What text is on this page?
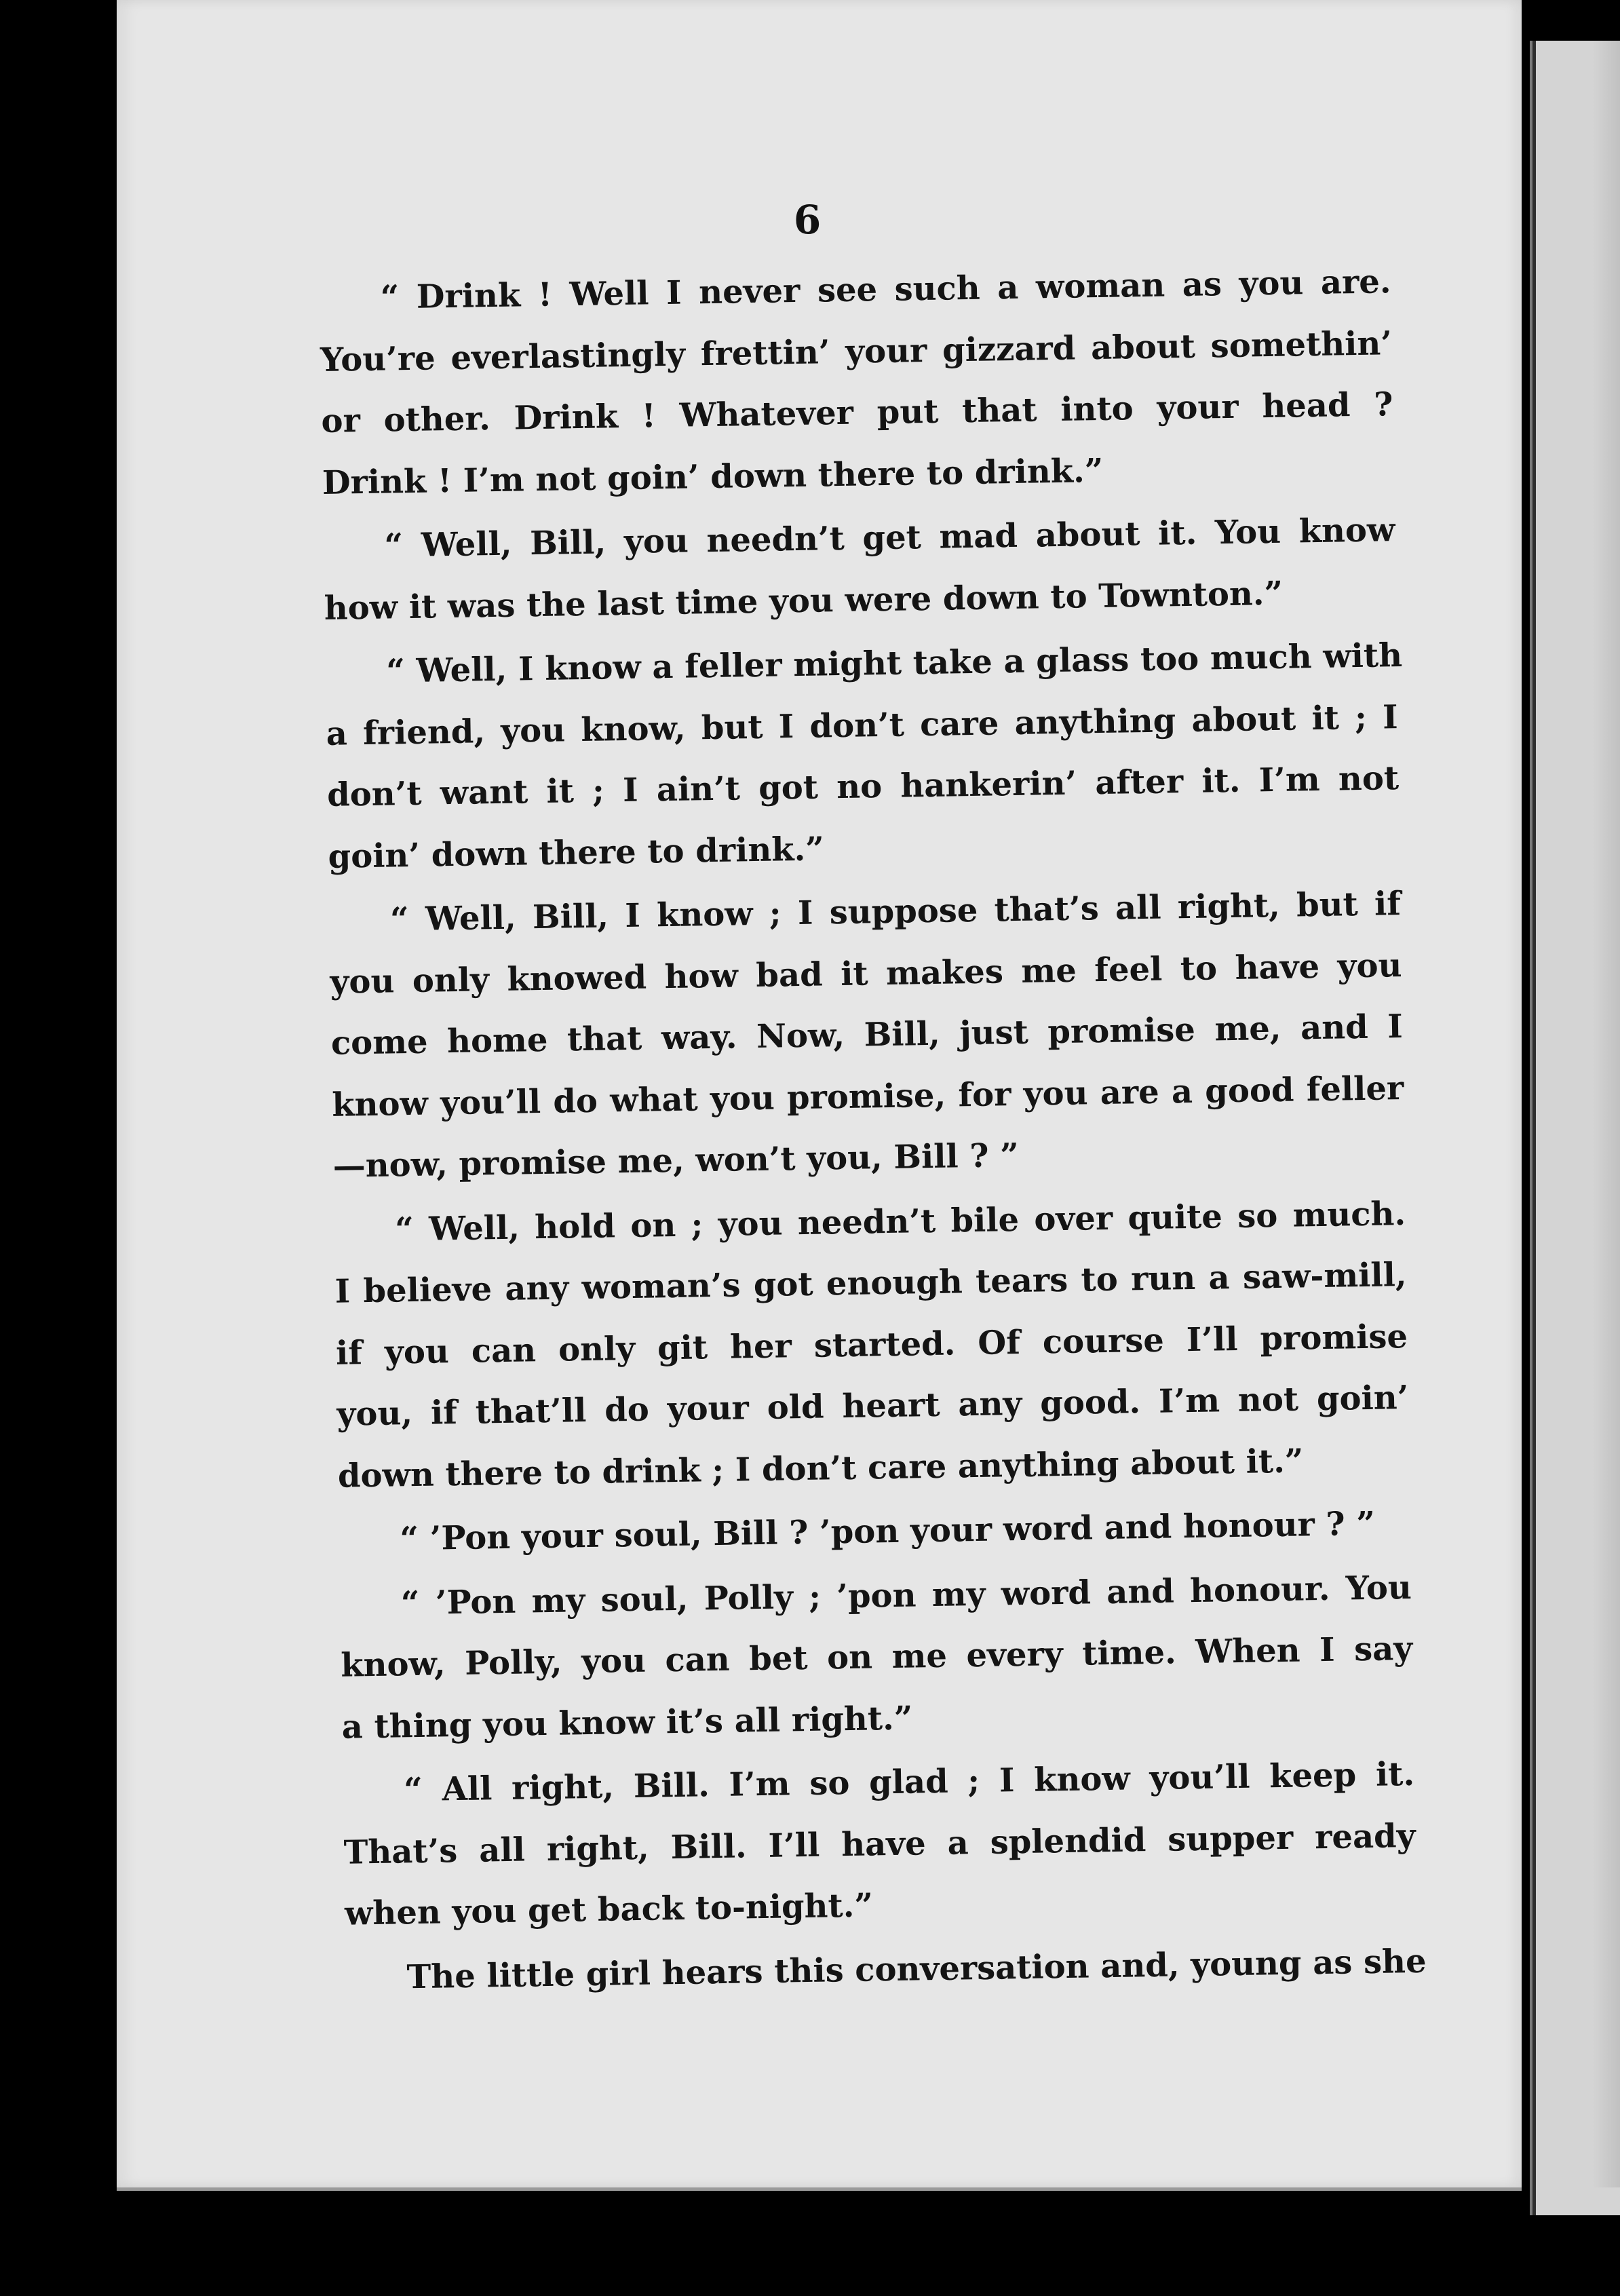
6
“ Drink ! Well I never see such a woman as you are.
You’re everlastingly frettin’ your gizzard about somethin’
or other. Drink ! Whatever put that into your head ?
Drink ! I’m not goin’ down there to drink.”
“ Well, Bill, you needn’t get mad about it. You know
how it was the last time you were down to Townton.”
“ Well, I know a feller might take a glass too much with
a friend, you know, but I don’t care anything about it ; I
don’t want it ; I ain’t got no hankerin’ after it. I’m not
goin’ down there to drink.”
“ Well, Bill, I know ; I suppose that’s all right, but if
you only knowed how bad it makes me feel to have you
come home that way. Now, Bill, just promise me, and I
know you’ll do what you promise, for you are a good feller
—now, promise me, won’t you, Bill ? ”
“ Well, hold on ; you needn’t bile over quite so much.
I believe any woman’s got enough tears to run a saw-mill,
if you can only git her started. Of course I’ll promise
you, if that’ll do your old heart any good. I’m not goin’
down there to drink ; I don’t care anything about it.”
“ ’Pon your soul, Bill ? ’pon your word and honour ? ”
“ ’Pon my soul, Polly ; ’pon my word and honour. You
know, Polly, you can bet on me every time. When I say
a thing you know it’s all right.”
“ All right, Bill. I’m so glad ; I know you’ll keep it.
That’s all right, Bill. I’ll have a splendid supper ready
when you get back to-night.”
The little girl hears this conversation and, young as she
